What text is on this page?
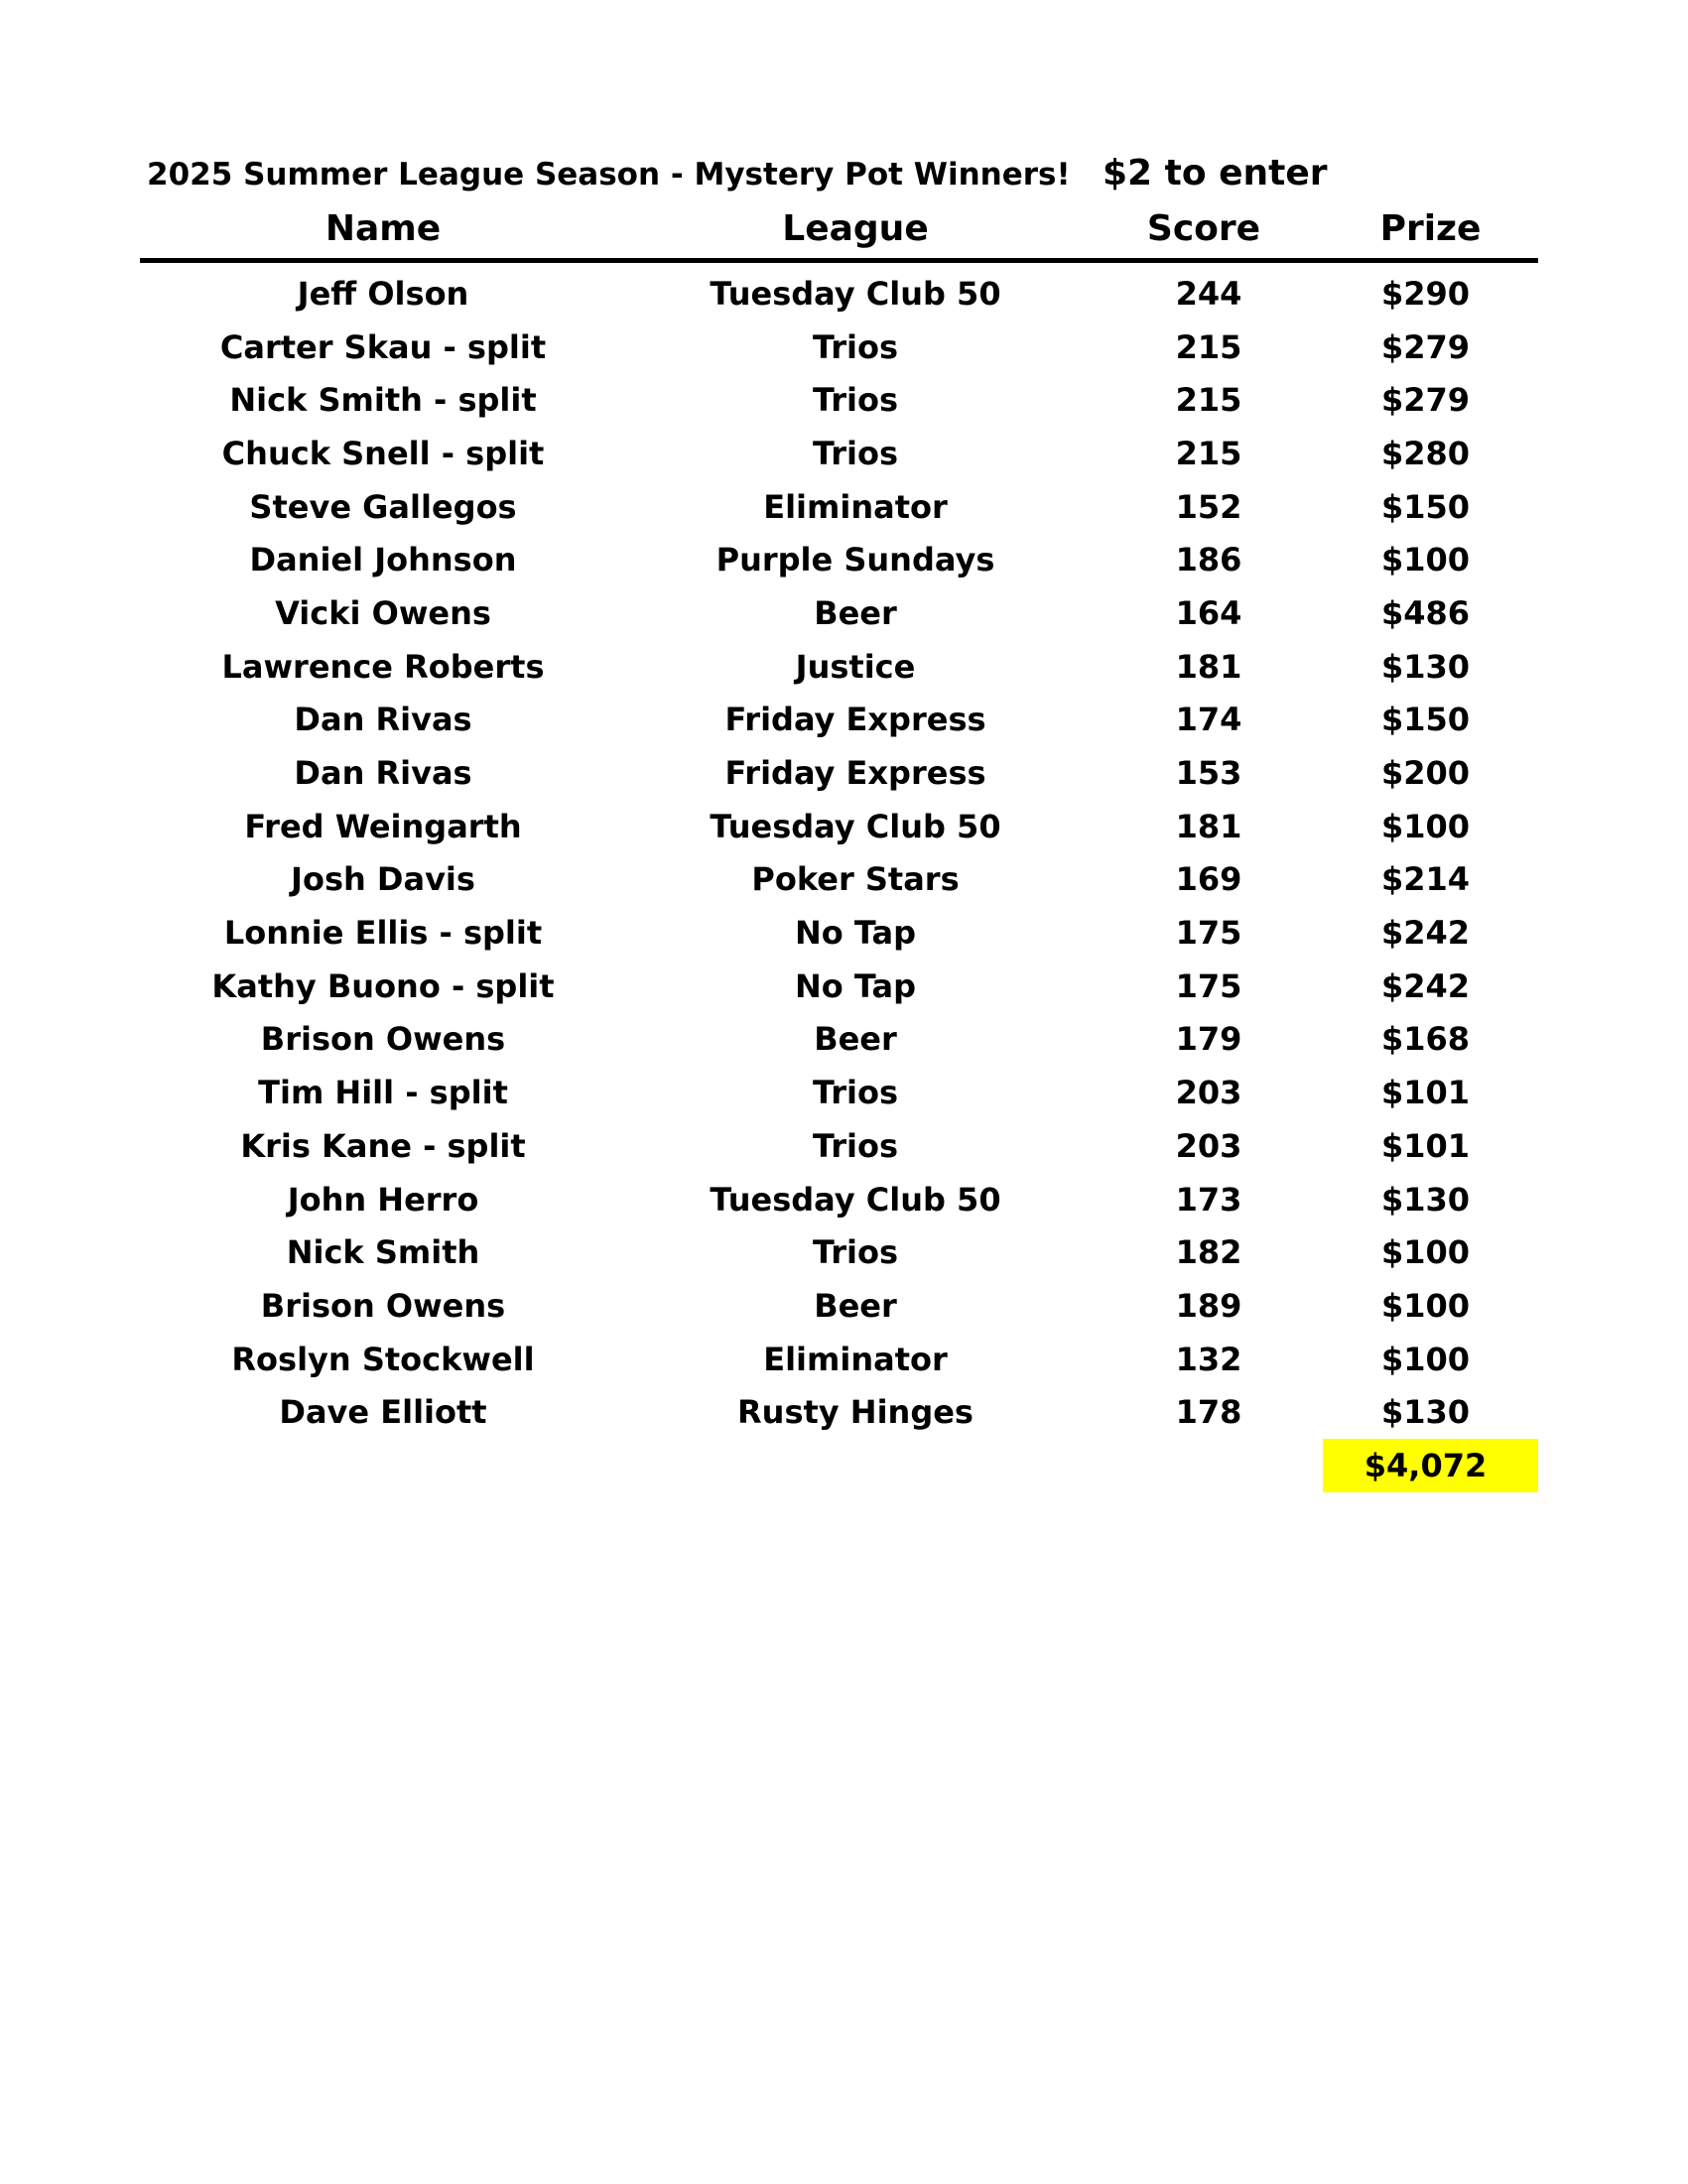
2025 Summer League Season - Mystery Pot Winners! $2 to enter
Name	League	Score	Prize
Jeff Olson	Tuesday Club 50	244	$290
Carter Skau - split	Trios	215	$279
Nick Smith - split	Trios	215	$279
Chuck Snell - split	Trios	215	$280
Steve Gallegos	Eliminator	152	$150
Daniel Johnson	Purple Sundays	186	$100
Vicki Owens	Beer	164	$486
Lawrence Roberts	Justice	181	$130
Dan Rivas	Friday Express	174	$150
Dan Rivas	Friday Express	153	$200
Fred Weingarth	Tuesday Club 50	181	$100
Josh Davis	Poker Stars	169	$214
Lonnie Ellis - split	No Tap	175	$242
Kathy Buono - split	No Tap	175	$242
Brison Owens	Beer	179	$168
Tim Hill - split	Trios	203	$101
Kris Kane - split	Trios	203	$101
John Herro	Tuesday Club 50	173	$130
Nick Smith	Trios	182	$100
Brison Owens	Beer	189	$100
Roslyn Stockwell	Eliminator	132	$100
Dave Elliott	Rusty Hinges	178	$130
$4,072
